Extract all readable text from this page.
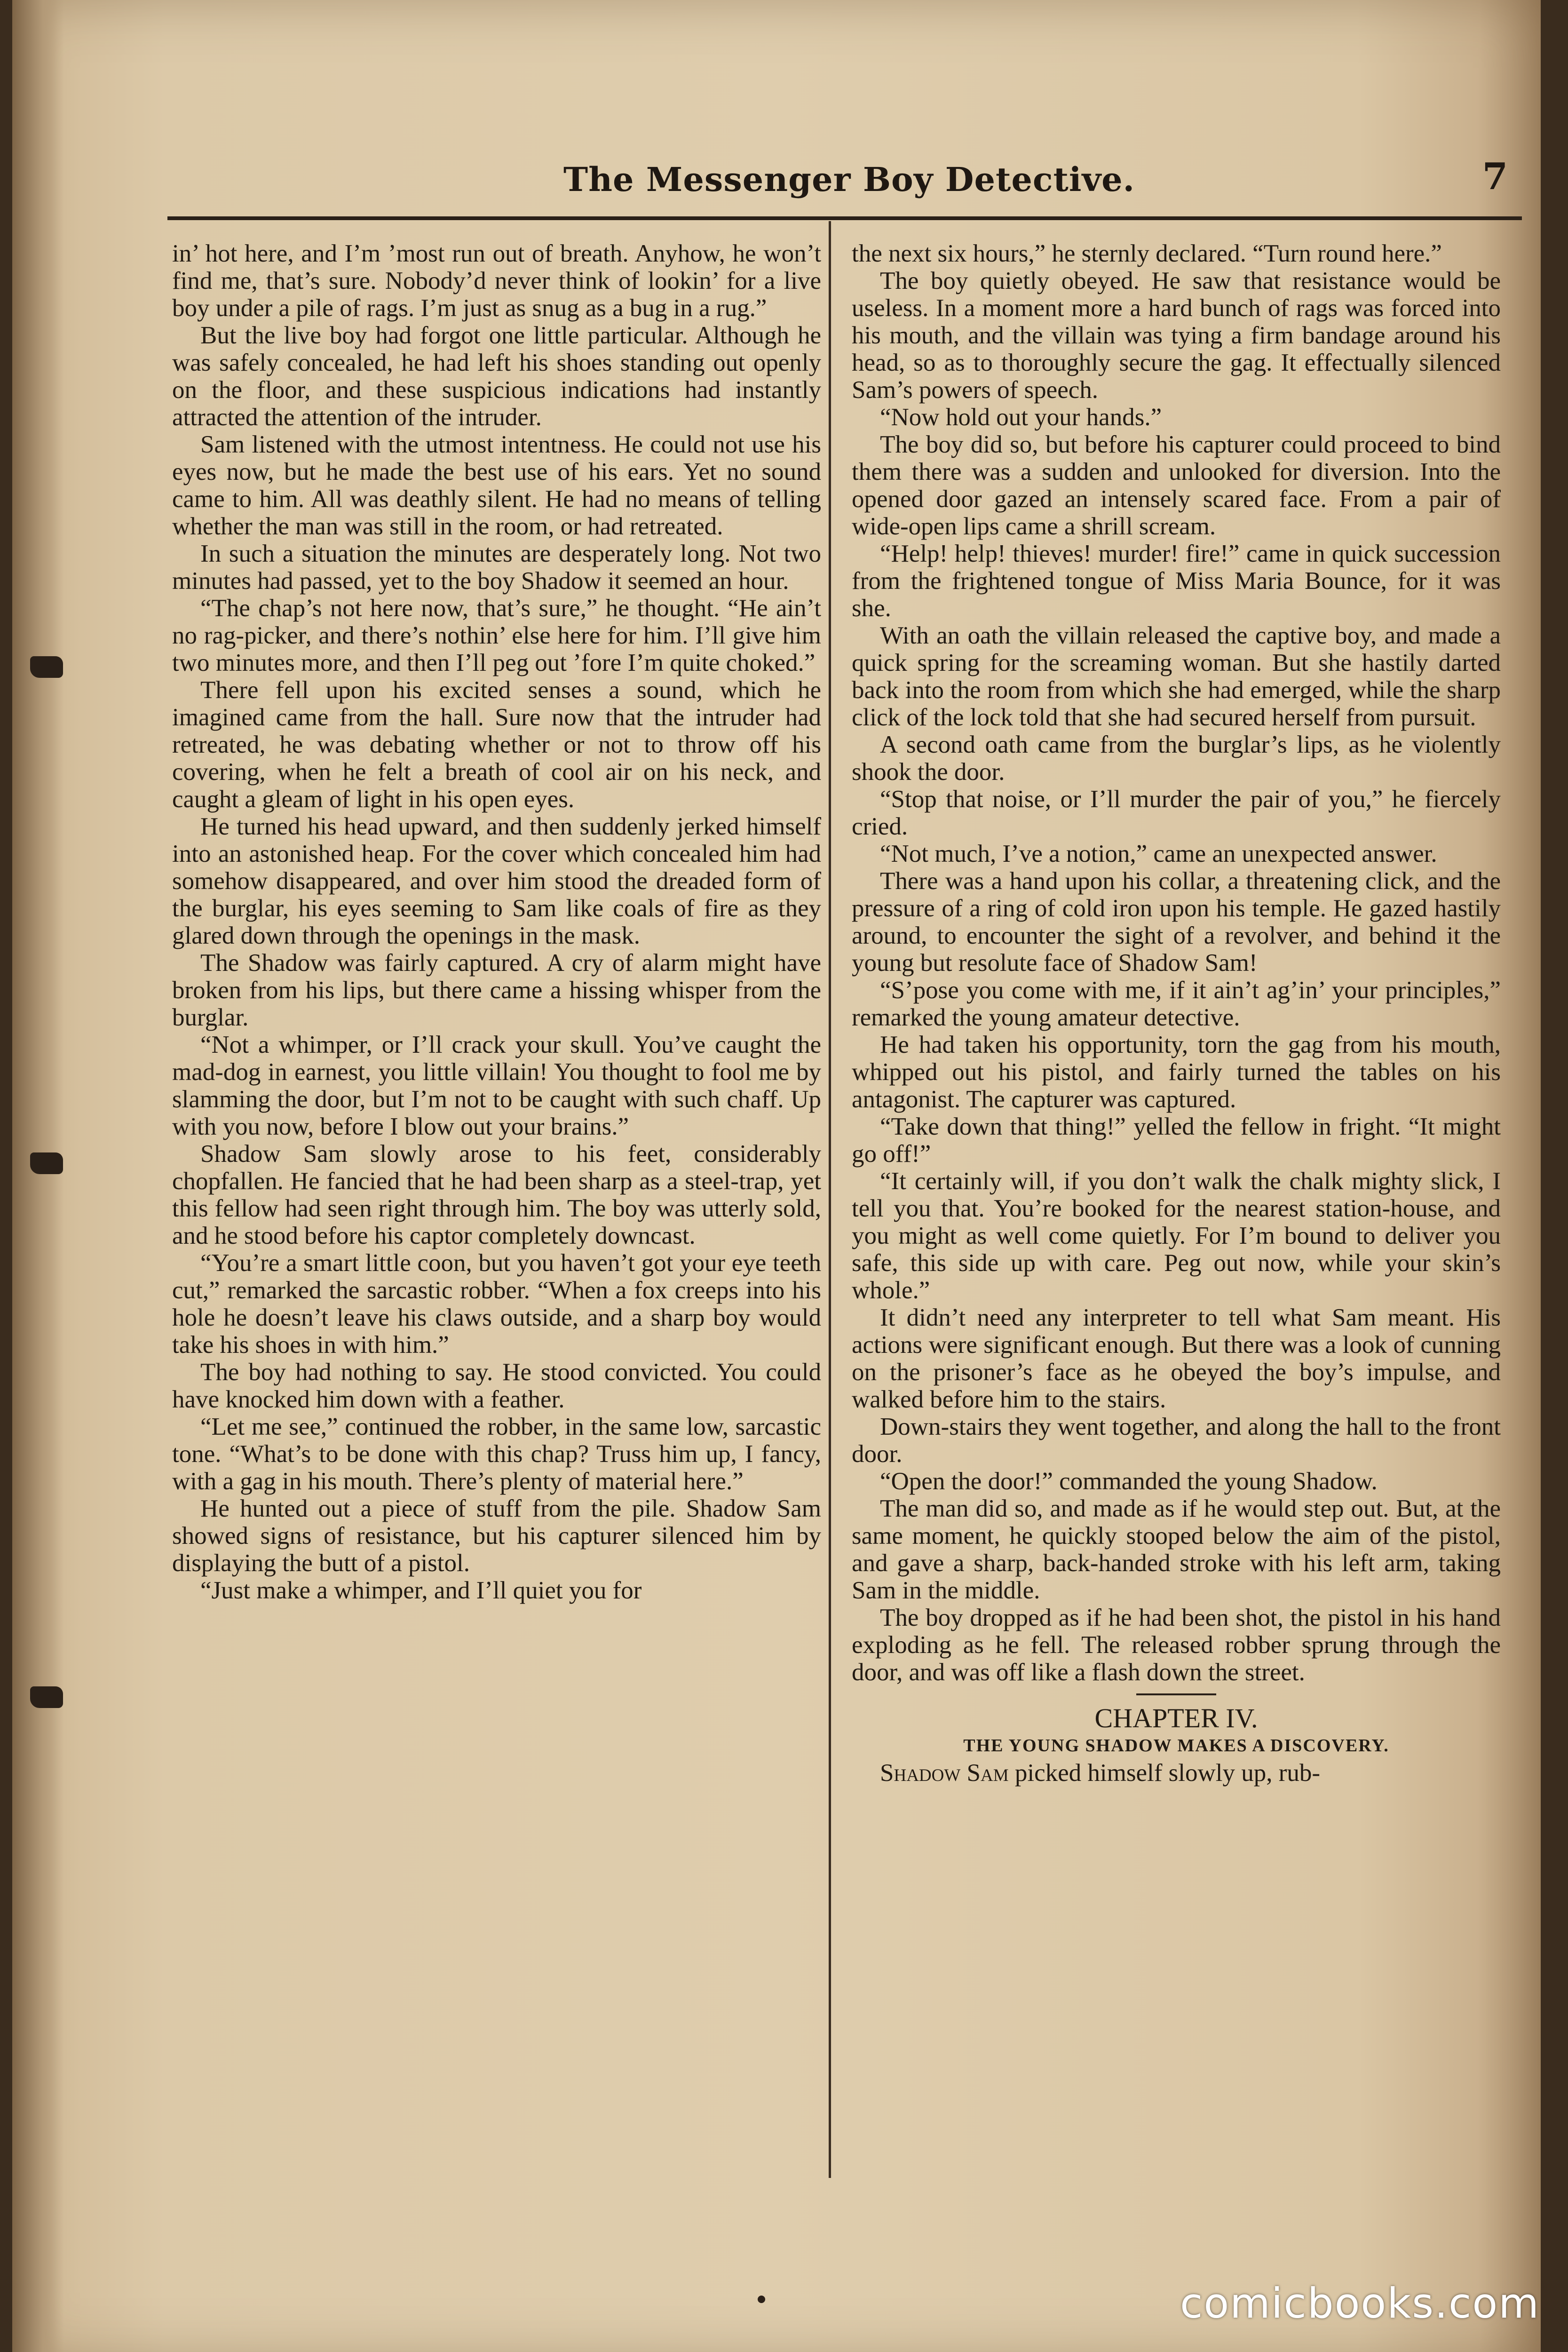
The Messenger Boy Detective.	7

in’ hot here, and I’m ’most run out of breath. Anyhow, he won’t find me, that’s sure. Nobody’d never think of lookin’ for a live boy under a pile of rags. I’m just as snug as a bug in a rug.”

But the live boy had forgot one little particular. Although he was safely concealed, he had left his shoes standing out openly on the floor, and these suspicious indications had instantly attracted the attention of the intruder.

Sam listened with the utmost intentness. He could not use his eyes now, but he made the best use of his ears. Yet no sound came to him. All was deathly silent. He had no means of telling whether the man was still in the room, or had retreated.

In such a situation the minutes are desperately long. Not two minutes had passed, yet to the boy Shadow it seemed an hour.

“The chap’s not here now, that’s sure,” he thought. “He ain’t no rag-picker, and there’s nothin’ else here for him. I’ll give him two minutes more, and then I’ll peg out ’fore I’m quite choked.”

There fell upon his excited senses a sound, which he imagined came from the hall. Sure now that the intruder had retreated, he was debating whether or not to throw off his covering, when he felt a breath of cool air on his neck, and caught a gleam of light in his open eyes.

He turned his head upward, and then suddenly jerked himself into an astonished heap. For the cover which concealed him had somehow disappeared, and over him stood the dreaded form of the burglar, his eyes seeming to Sam like coals of fire as they glared down through the openings in the mask.

The Shadow was fairly captured. A cry of alarm might have broken from his lips, but there came a hissing whisper from the burglar.

“Not a whimper, or I’ll crack your skull. You’ve caught the mad-dog in earnest, you little villain! You thought to fool me by slamming the door, but I’m not to be caught with such chaff. Up with you now, before I blow out your brains.”

Shadow Sam slowly arose to his feet, considerably chopfallen. He fancied that he had been sharp as a steel-trap, yet this fellow had seen right through him. The boy was utterly sold, and he stood before his captor completely downcast.

“You’re a smart little coon, but you haven’t got your eye teeth cut,” remarked the sarcastic robber. “When a fox creeps into his hole he doesn’t leave his claws outside, and a sharp boy would take his shoes in with him.”

The boy had nothing to say. He stood convicted. You could have knocked him down with a feather.

“Let me see,” continued the robber, in the same low, sarcastic tone. “What’s to be done with this chap? Truss him up, I fancy, with a gag in his mouth. There’s plenty of material here.”

He hunted out a piece of stuff from the pile. Shadow Sam showed signs of resistance, but his capturer silenced him by displaying the butt of a pistol.

“Just make a whimper, and I’ll quiet you for

the next six hours,” he sternly declared. “Turn round here.”

The boy quietly obeyed. He saw that resistance would be useless. In a moment more a hard bunch of rags was forced into his mouth, and the villain was tying a firm bandage around his head, so as to thoroughly secure the gag. It effectually silenced Sam’s powers of speech.

“Now hold out your hands.”

The boy did so, but before his capturer could proceed to bind them there was a sudden and unlooked for diversion. Into the opened door gazed an intensely scared face. From a pair of wide-open lips came a shrill scream.

“Help! help! thieves! murder! fire!” came in quick succession from the frightened tongue of Miss Maria Bounce, for it was she.

With an oath the villain released the captive boy, and made a quick spring for the screaming woman. But she hastily darted back into the room from which she had emerged, while the sharp click of the lock told that she had secured herself from pursuit.

A second oath came from the burglar’s lips, as he violently shook the door.

“Stop that noise, or I’ll murder the pair of you,” he fiercely cried.

“Not much, I’ve a notion,” came an unexpected answer.

There was a hand upon his collar, a threatening click, and the pressure of a ring of cold iron upon his temple. He gazed hastily around, to encounter the sight of a revolver, and behind it the young but resolute face of Shadow Sam!

“S’pose you come with me, if it ain’t ag’in’ your principles,” remarked the young amateur detective.

He had taken his opportunity, torn the gag from his mouth, whipped out his pistol, and fairly turned the tables on his antagonist. The capturer was captured.

“Take down that thing!” yelled the fellow in fright. “It might go off!”

“It certainly will, if you don’t walk the chalk mighty slick, I tell you that. You’re booked for the nearest station-house, and you might as well come quietly. For I’m bound to deliver you safe, this side up with care. Peg out now, while your skin’s whole.”

It didn’t need any interpreter to tell what Sam meant. His actions were significant enough. But there was a look of cunning on the prisoner’s face as he obeyed the boy’s impulse, and walked before him to the stairs.

Down-stairs they went together, and along the hall to the front door.

“Open the door!” commanded the young Shadow.

The man did so, and made as if he would step out. But, at the same moment, he quickly stooped below the aim of the pistol, and gave a sharp, back-handed stroke with his left arm, taking Sam in the middle.

The boy dropped as if he had been shot, the pistol in his hand exploding as he fell. The released robber sprung through the door, and was off like a flash down the street.

CHAPTER IV.

THE YOUNG SHADOW MAKES A DISCOVERY.

Shadow Sam picked himself slowly up, rub-

comicbooks.com
